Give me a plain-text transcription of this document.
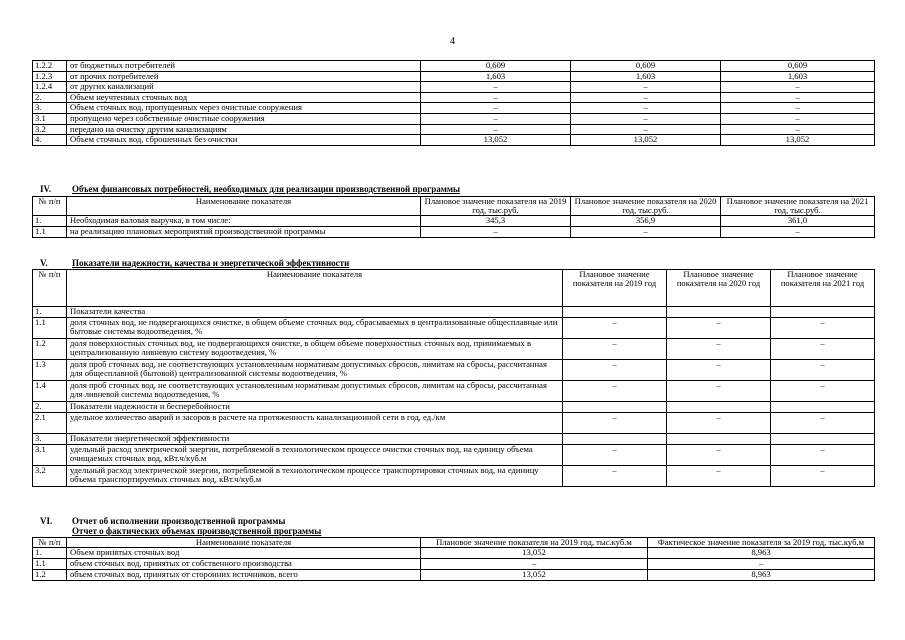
4
1.2.2	от бюджетных потребителей	0,609	0,609	0,609
1.2.3	от прочих потребителей	1,603	1,603	1,603
1.2.4	от других канализаций	–	–	–
2.	Объем неучтенных сточных вод	–	–	–
3.	Объем сточных вод, пропущенных через очистные сооружения	–	–	–
3.1	пропущено через собственные очистные сооружения	–	–	–
3.2	передано на очистку другим канализациям	–	–	–
4.	Объем сточных вод, сброшенных без очистки	13,052	13,052	13,052
IV. Объем финансовых потребностей, необходимых для реализации производственной программы
№ п/п	Наименование показателя	Плановое значение показателя на 2019 год, тыс.руб.	Плановое значение показателя на 2020 год, тыс.руб.	Плановое значение показателя на 2021 год, тыс.руб.
1.	Необходимая валовая выручка, в том числе:	345,3	356,9	361,0
1.1	на реализацию плановых мероприятий производственной программы	–	–	–
V.	Показатели надежности, качества и энергетической эффективности
№ п/п	Наименование показателя	Плановое значение показателя на 2019 год	Плановое значение показателя на 2020 год	Плановое значение показателя на 2021 год
1.	Показатели качества			
1.1	доля сточных вод, не подвергающихся очистке, в общем объеме сточных вод, сбрасываемых в централизованные общесплавные или бытовые системы водоотведения, %	–	–	–
1.2	доля поверхностных сточных вод, не подвергающихся очистке, в общем объеме поверхностных сточных вод, принимаемых в централизованную ливневую систему водоотведения, %	–	–	–
1.3	доля проб сточных вод, не соответствующих установленным нормативам допустимых сбросов, лимитам на сбросы, рассчитанная для общесплавной (бытовой) централизованной системы водоотведения, %	–	–	–
1.4	доля проб сточных вод, не соответствующих установленным нормативам допустимых сбросов, лимитам на сбросы, рассчитанная для ливневой системы водоотведения, %	–	–	–
2.	Показатели надежности и бесперебойности			
2.1	удельное количество аварий и засоров в расчете на протяженность канализационной сети в год, ед./км	–	–	–
3.	Показатели энергетической эффективности			
3.1	удельный расход электрической энергии, потребляемой в технологическом процессе очистки сточных вод, на единицу объема очищаемых сточных вод, кВт.ч/куб.м	–	–	–
3.2	удельный расход электрической энергии, потребляемой в технологическом процессе транспортировки сточных вод, на единицу объема транспортируемых сточных вод, кВт.ч/куб.м	–	–	–
VI. Отчет об исполнении производственной программы
Отчет о фактических объемах производственной программы
№ п/п	Наименование показателя	Плановое значение показателя на 2019 год, тыс.куб.м	Фактическое значение показателя за 2019 год, тыс.куб.м
1.	Объем принятых сточных вод	13,052	8,963
1.1	объем сточных вод, принятых от собственного производства	–	–
1.2	объем сточных вод, принятых от сторонних источников, всего	13,052	8,963
